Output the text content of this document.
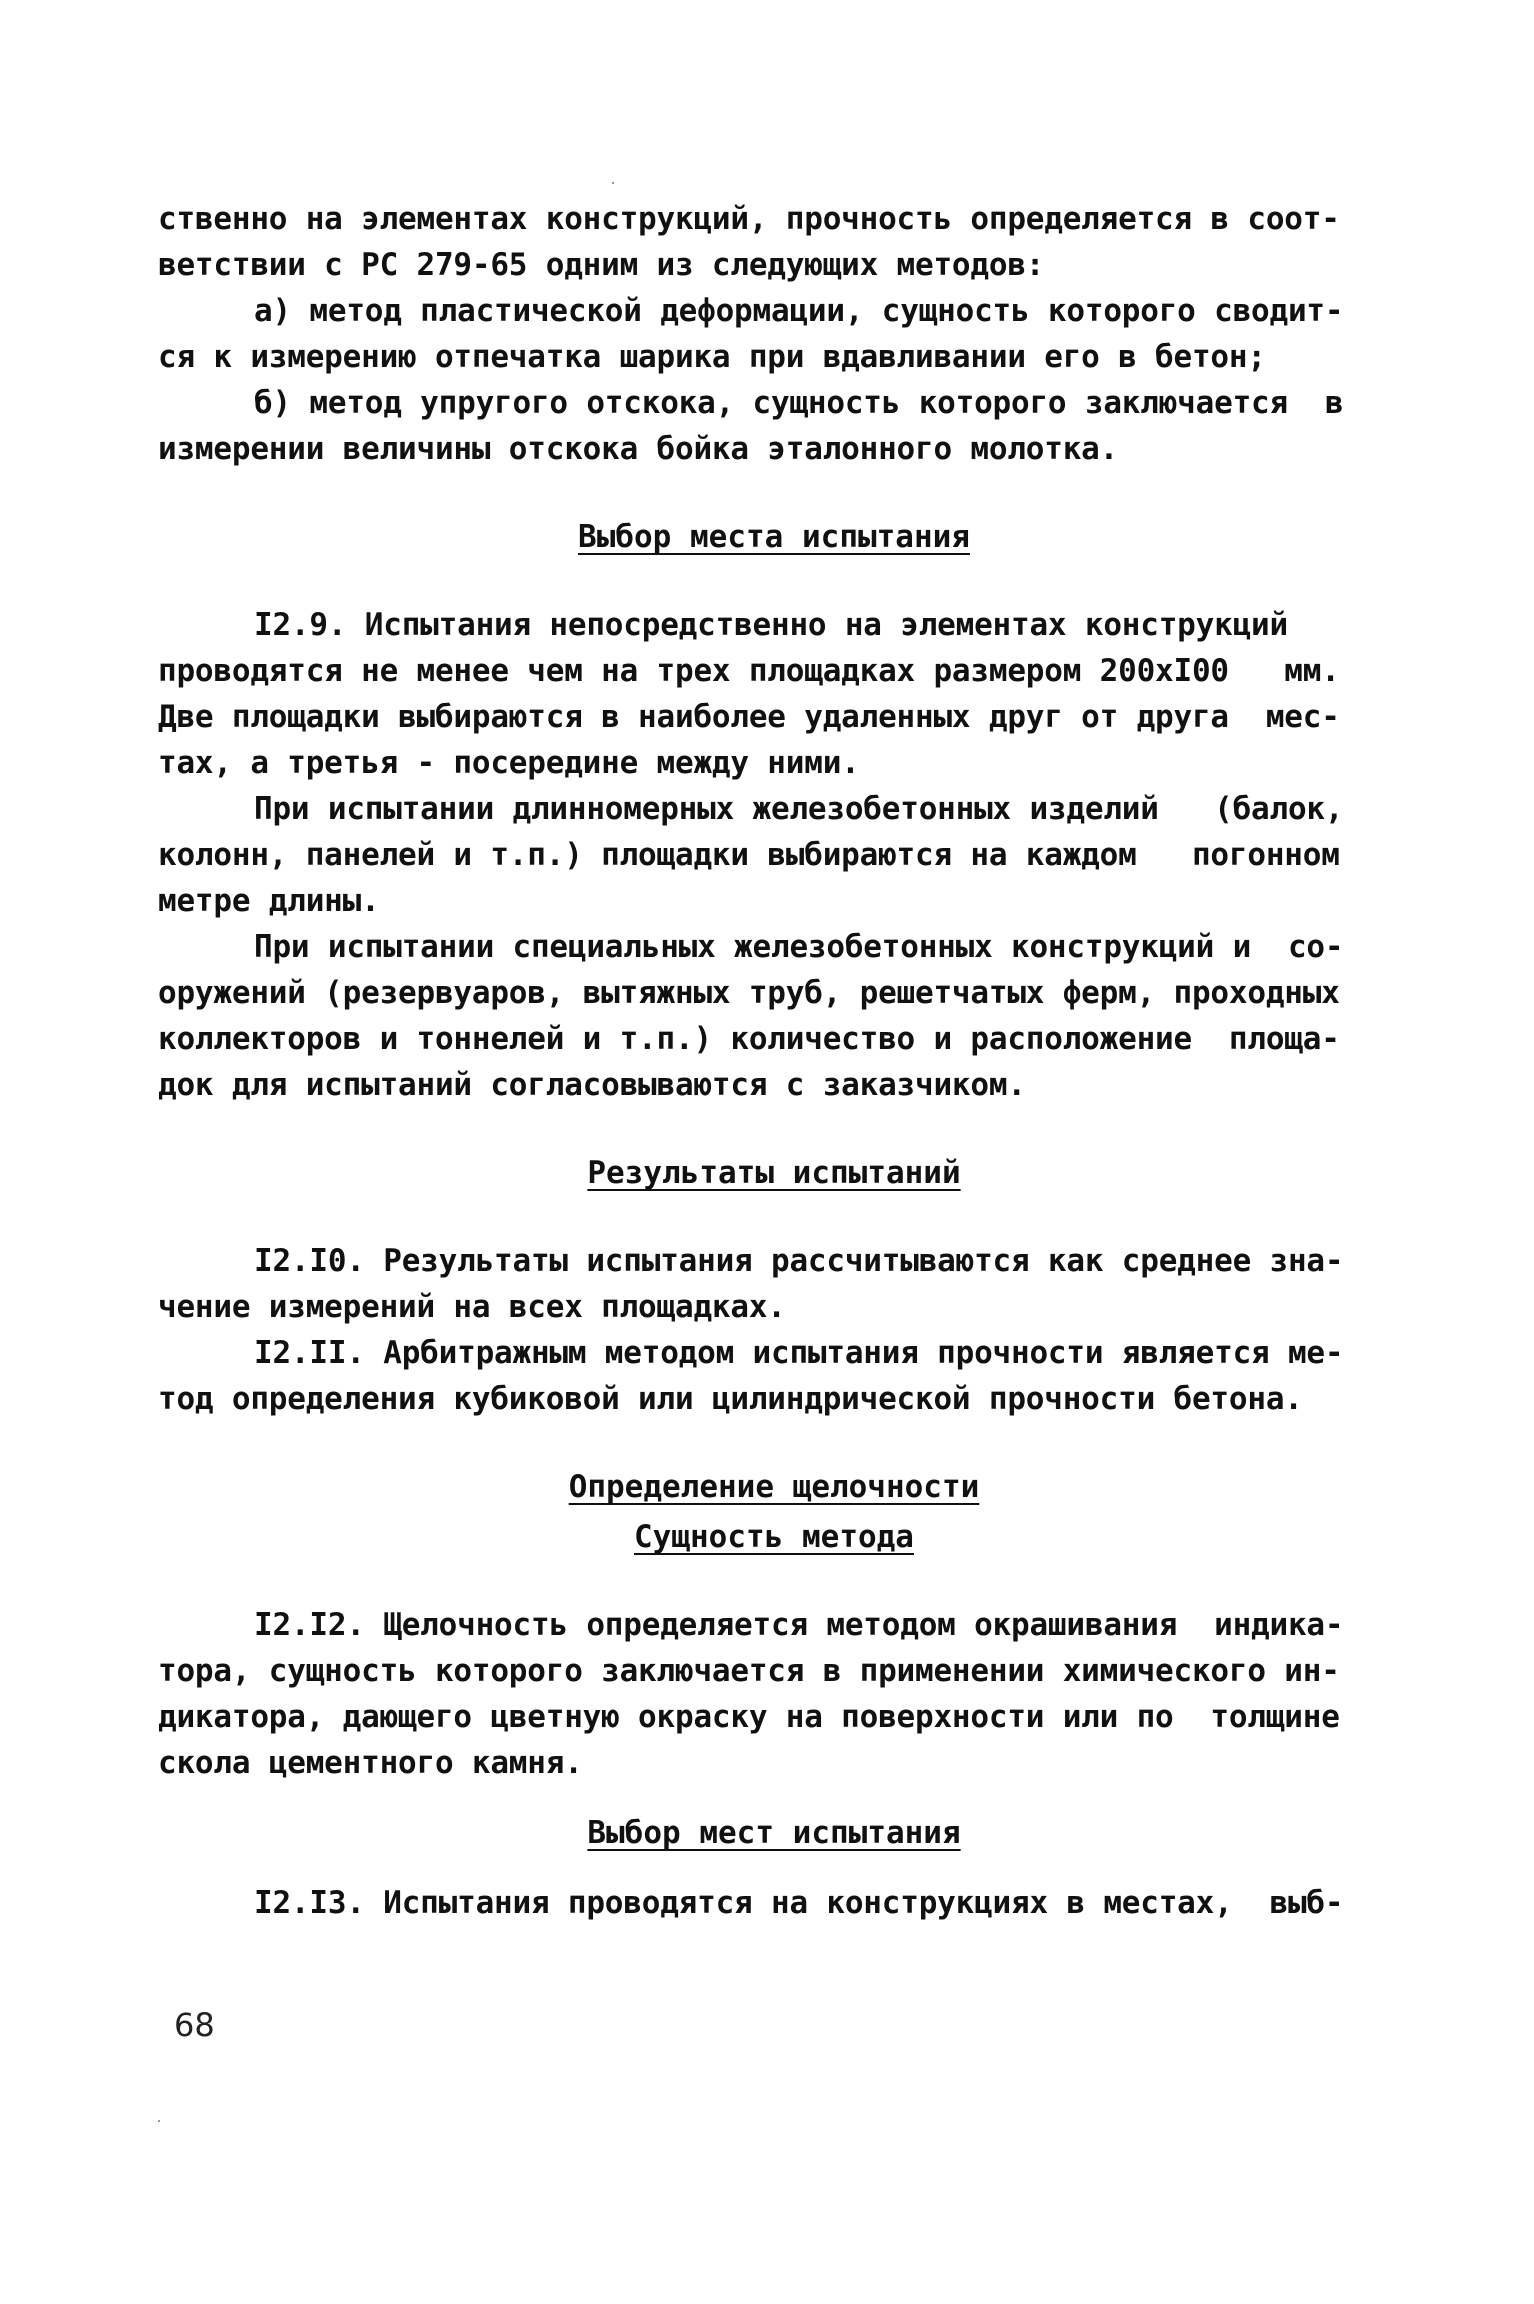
ственно на элементах конструкций, прочность определяется в соот-
ветствии с РС 279-65 одним из следующих методов:
а) метод пластической деформации, сущность которого сводит-
ся к измерению отпечатка шарика при вдавливании его в бетон;
б) метод упругого отскока, сущность которого заключается  в
измерении величины отскока бойка эталонного молотка.
Выбор места испытания
I2.9. Испытания непосредственно на элементах конструкций
проводятся не менее чем на трех площадках размером 200xI00   мм.
Две площадки выбираются в наиболее удаленных друг от друга  мес-
тах, а третья - посередине между ними.
При испытании длинномерных железобетонных изделий   (балок,
колонн, панелей и т.п.) площадки выбираются на каждом   погонном
метре длины.
При испытании специальных железобетонных конструкций и  со-
оружений (резервуаров, вытяжных труб, решетчатых ферм, проходных
коллекторов и тоннелей и т.п.) количество и расположение  площа-
док для испытаний согласовываются с заказчиком.
Результаты испытаний
I2.I0. Результаты испытания рассчитываются как среднее зна-
чение измерений на всех площадках.
I2.II. Арбитражным методом испытания прочности является ме-
тод определения кубиковой или цилиндрической прочности бетона.
Определение щелочности
Сущность метода
I2.I2. Щелочность определяется методом окрашивания  индика-
тора, сущность которого заключается в применении химического ин-
дикатора, дающего цветную окраску на поверхности или по  толщине
скола цементного камня.
Выбор мест испытания
I2.I3. Испытания проводятся на конструкциях в местах,  выб-
68
